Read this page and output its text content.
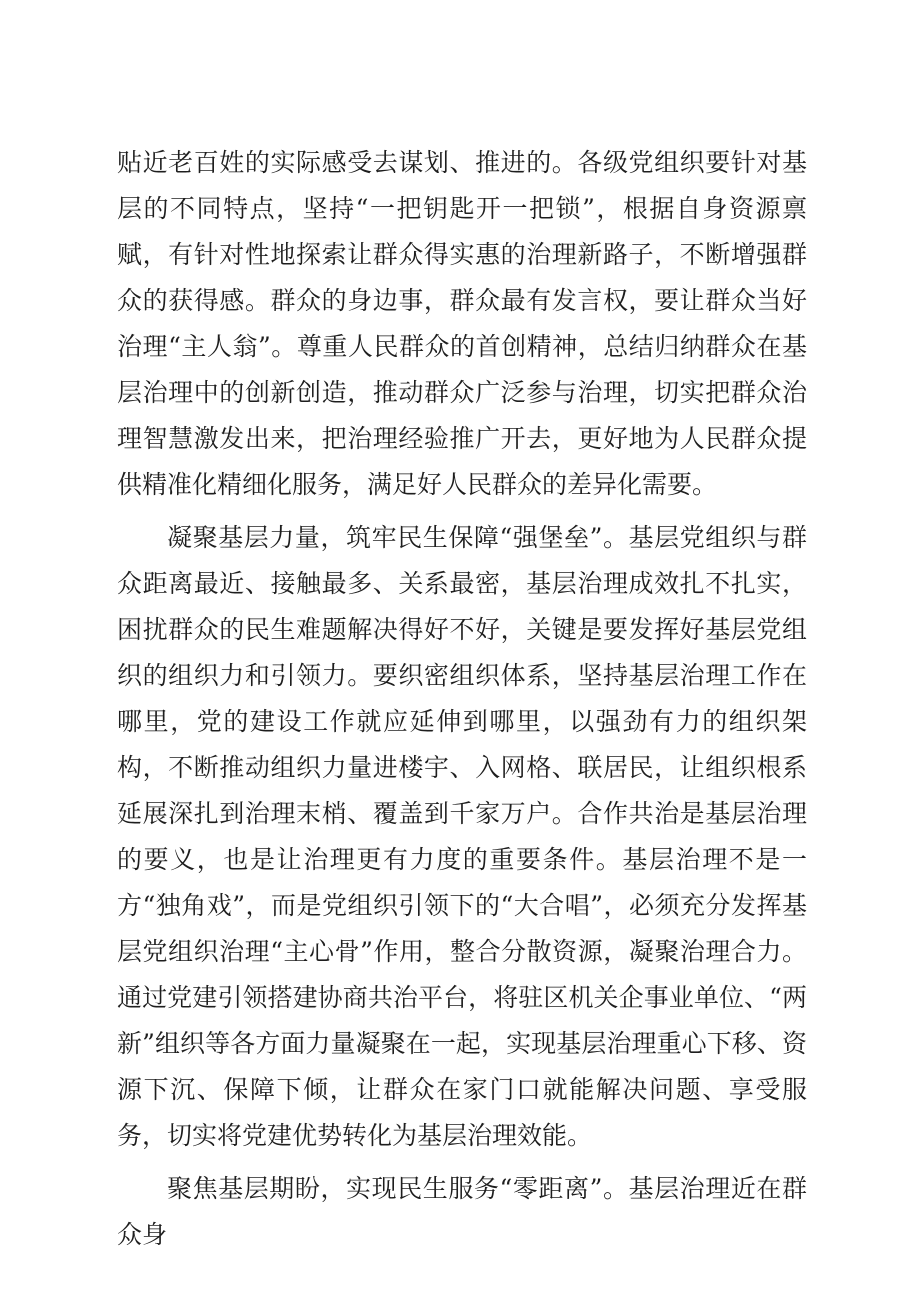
贴近老百姓的实际感受去谋划、推进的。各级党组织要针对基层的不同特点，坚持“一把钥匙开一把锁”，根据自身资源禀赋，有针对性地探索让群众得实惠的治理新路子，不断增强群众的获得感。群众的身边事，群众最有发言权，要让群众当好治理“主人翁”。尊重人民群众的首创精神，总结归纳群众在基层治理中的创新创造，推动群众广泛参与治理，切实把群众治理智慧激发出来，把治理经验推广开去，更好地为人民群众提供精准化精细化服务，满足好人民群众的差异化需要。

凝聚基层力量，筑牢民生保障“强堡垒”。基层党组织与群众距离最近、接触最多、关系最密，基层治理成效扎不扎实，困扰群众的民生难题解决得好不好，关键是要发挥好基层党组织的组织力和引领力。要织密组织体系，坚持基层治理工作在哪里，党的建设工作就应延伸到哪里，以强劲有力的组织架构，不断推动组织力量进楼宇、入网格、联居民，让组织根系延展深扎到治理末梢、覆盖到千家万户。合作共治是基层治理的要义，也是让治理更有力度的重要条件。基层治理不是一方“独角戏”，而是党组织引领下的“大合唱”，必须充分发挥基层党组织治理“主心骨”作用，整合分散资源，凝聚治理合力。通过党建引领搭建协商共治平台，将驻区机关企事业单位、“两新”组织等各方面力量凝聚在一起，实现基层治理重心下移、资源下沉、保障下倾，让群众在家门口就能解决问题、享受服务，切实将党建优势转化为基层治理效能。

聚焦基层期盼，实现民生服务“零距离”。基层治理近在群众身
